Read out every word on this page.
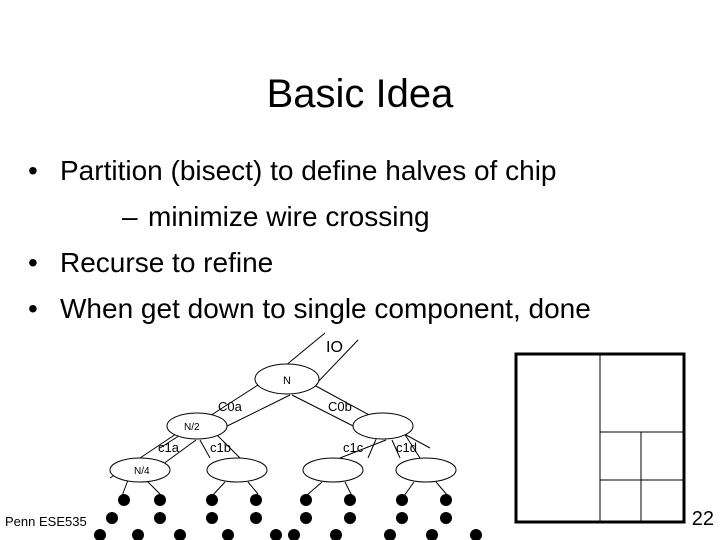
Basic Idea
• Partition (bisect) to define halves of chip
– minimize wire crossing
• Recurse to refine
• When get down to single component, done
IO
N
C0a	C0b
N/2
c1a c1b	c1c	c1d
N/4
Penn ESE535	22
